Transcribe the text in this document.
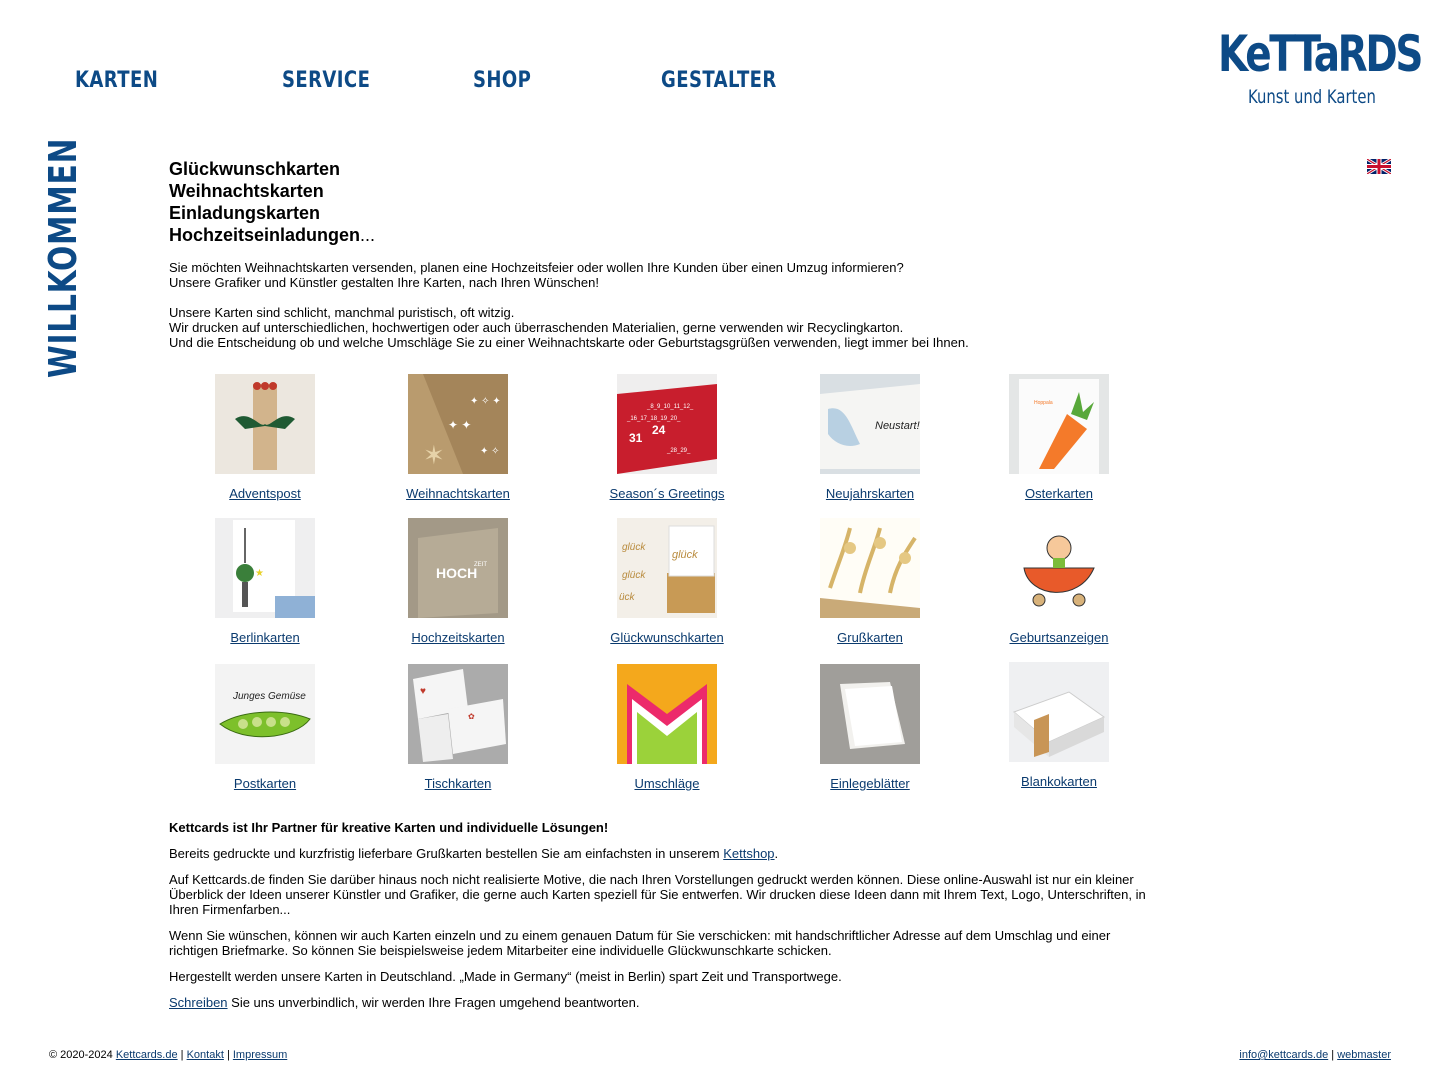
KARTEN	SERVICE	SHOP	GESTALTER	KeTTaRDS
Kunst und Karten
WILLKOMMEN	Glückwunschkarten
Weihnachtskarten
Einladungskarten
Hochzeitseinladungen...

Sie möchten Weihnachtskarten versenden, planen eine Hochzeitsfeier oder wollen Ihre Kunden über einen Umzug informieren?
Unsere Grafiker und Künstler gestalten Ihre Karten, nach Ihren Wünschen!

Unsere Karten sind schlicht, manchmal puristisch, oft witzig.
Wir drucken auf unterschiedlichen, hochwertigen oder auch überraschenden Materialien, gerne verwenden wir Recyclingkarton.
Und die Entscheidung ob und welche Umschläge Sie zu einer Weihnachtskarte oder Geburtstagsgrüßen verwenden, liegt immer bei Ihnen.

Adventspost
✦ ✧ ✦
✦ ✦
✶	✦ ✧
Weihnachtskarten
_8_9_10_11_12_
_16_17_18_19_20_
24
31
_28_29_
Season´s Greetings
Neustart!
Neujahrskarten
Hoppala
Osterkarten
★
Berlinkarten
HOCH
ZEIT
Hochzeitskarten
glück
glück
glück
ück
Glückwunschkarten	Grußkarten	Geburtsanzeigen
Junges Gemüse
Postkarten
♥
✿
Tischkarten	Umschläge	Einlegeblätter	Blankokarten

Kettcards ist Ihr Partner für kreative Karten und individuelle Lösungen!

Bereits gedruckte und kurzfristig lieferbare Grußkarten bestellen Sie am einfachsten in unserem Kettshop.

Auf Kettcards.de finden Sie darüber hinaus noch nicht realisierte Motive, die nach Ihren Vorstellungen gedruckt werden können. Diese online-Auswahl ist nur ein kleiner Überblick der Ideen unserer Künstler und Grafiker, die gerne auch Karten speziell für Sie entwerfen. Wir drucken diese Ideen dann mit Ihrem Text, Logo, Unterschriften, in Ihren Firmenfarben...

Wenn Sie wünschen, können wir auch Karten einzeln und zu einem genauen Datum für Sie verschicken: mit handschriftlicher Adresse auf dem Umschlag und einer richtigen Briefmarke. So können Sie beispielsweise jedem Mitarbeiter eine individuelle Glückwunschkarte schicken.

Hergestellt werden unsere Karten in Deutschland. „Made in Germany“ (meist in Berlin) spart Zeit und Transportwege.

Schreiben Sie uns unverbindlich, wir werden Ihre Fragen umgehend beantworten.

© 2020-2024 Kettcards.de | Kontakt | Impressum	info@kettcards.de | webmaster
